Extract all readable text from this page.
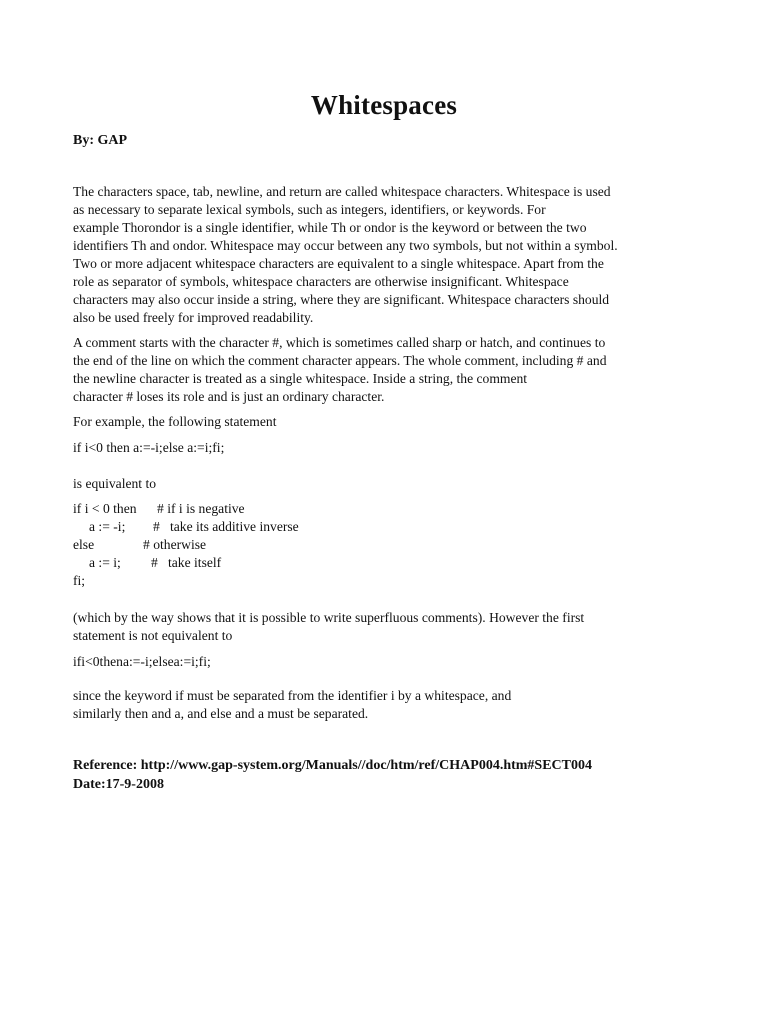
Whitespaces
By: GAP
The characters space, tab, newline, and return are called whitespace characters. Whitespace is used
as necessary to separate lexical symbols, such as integers, identifiers, or keywords. For
example Thorondor is a single identifier, while Th or ondor is the keyword or between the two
identifiers Th and ondor. Whitespace may occur between any two symbols, but not within a symbol.
Two or more adjacent whitespace characters are equivalent to a single whitespace. Apart from the
role as separator of symbols, whitespace characters are otherwise insignificant. Whitespace
characters may also occur inside a string, where they are significant. Whitespace characters should
also be used freely for improved readability.
A comment starts with the character #, which is sometimes called sharp or hatch, and continues to
the end of the line on which the comment character appears. The whole comment, including # and
the newline character is treated as a single whitespace. Inside a string, the comment
character # loses its role and is just an ordinary character.
For example, the following statement
if i<0 then a:=-i;else a:=i;fi;
is equivalent to

if i < 0 then

# if i is negative

a := -i;

#   take its additive inverse

else

	# otherwise

a := i;

#   take itself

fi;

(which by the way shows that it is possible to write superfluous comments). However the first
statement is not equivalent to
ifi<0thena:=-i;elsea:=i;fi;
since the keyword if must be separated from the identifier i by a whitespace, and
similarly then and a, and else and a must be separated.
Reference: http://www.gap-system.org/Manuals//doc/htm/ref/CHAP004.htm#SECT004
Date:17-9-2008
